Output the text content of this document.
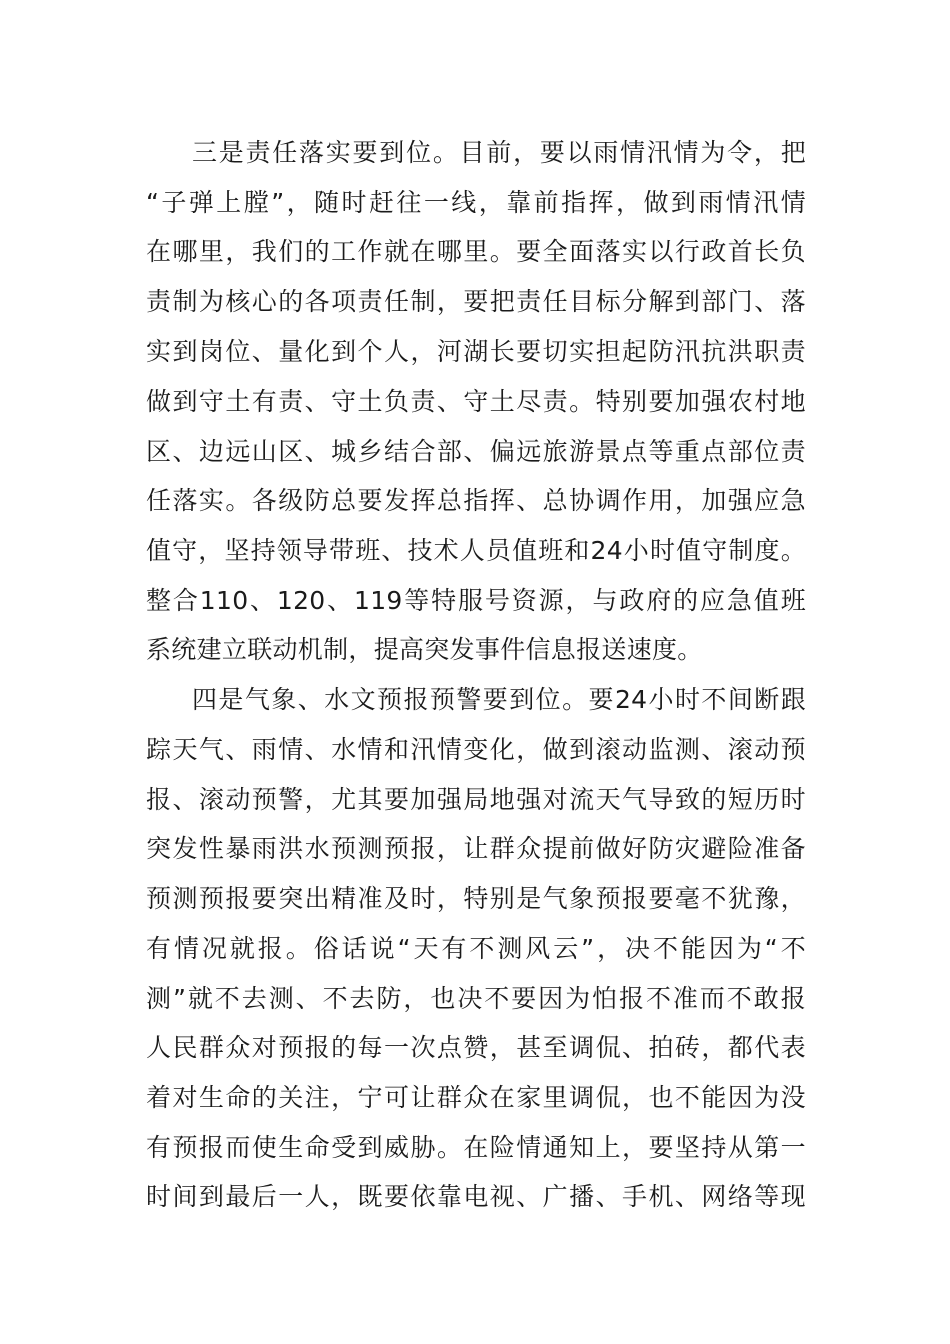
三是责任落实要到位。目前，要以雨情汛情为令，把

“子弹上膛”，随时赶往一线，靠前指挥，做到雨情汛情

在哪里，我们的工作就在哪里。要全面落实以行政首长负

责制为核心的各项责任制，要把责任目标分解到部门、落

实到岗位、量化到个人，河湖长要切实担起防汛抗洪职责

做到守土有责、守土负责、守土尽责。特别要加强农村地

区、边远山区、城乡结合部、偏远旅游景点等重点部位责

任落实。各级防总要发挥总指挥、总协调作用，加强应急

值守，坚持领导带班、技术人员值班和24小时值守制度。

整合110、120、119等特服号资源，与政府的应急值班

系统建立联动机制，提高突发事件信息报送速度。

四是气象、水文预报预警要到位。要24小时不间断跟

踪天气、雨情、水情和汛情变化，做到滚动监测、滚动预

报、滚动预警，尤其要加强局地强对流天气导致的短历时

突发性暴雨洪水预测预报，让群众提前做好防灾避险准备

预测预报要突出精准及时，特别是气象预报要毫不犹豫，

有情况就报。俗话说“天有不测风云”，决不能因为“不

测”就不去测、不去防，也决不要因为怕报不准而不敢报

人民群众对预报的每一次点赞，甚至调侃、拍砖，都代表

着对生命的关注，宁可让群众在家里调侃，也不能因为没

有预报而使生命受到威胁。在险情通知上，要坚持从第一

时间到最后一人，既要依靠电视、广播、手机、网络等现
